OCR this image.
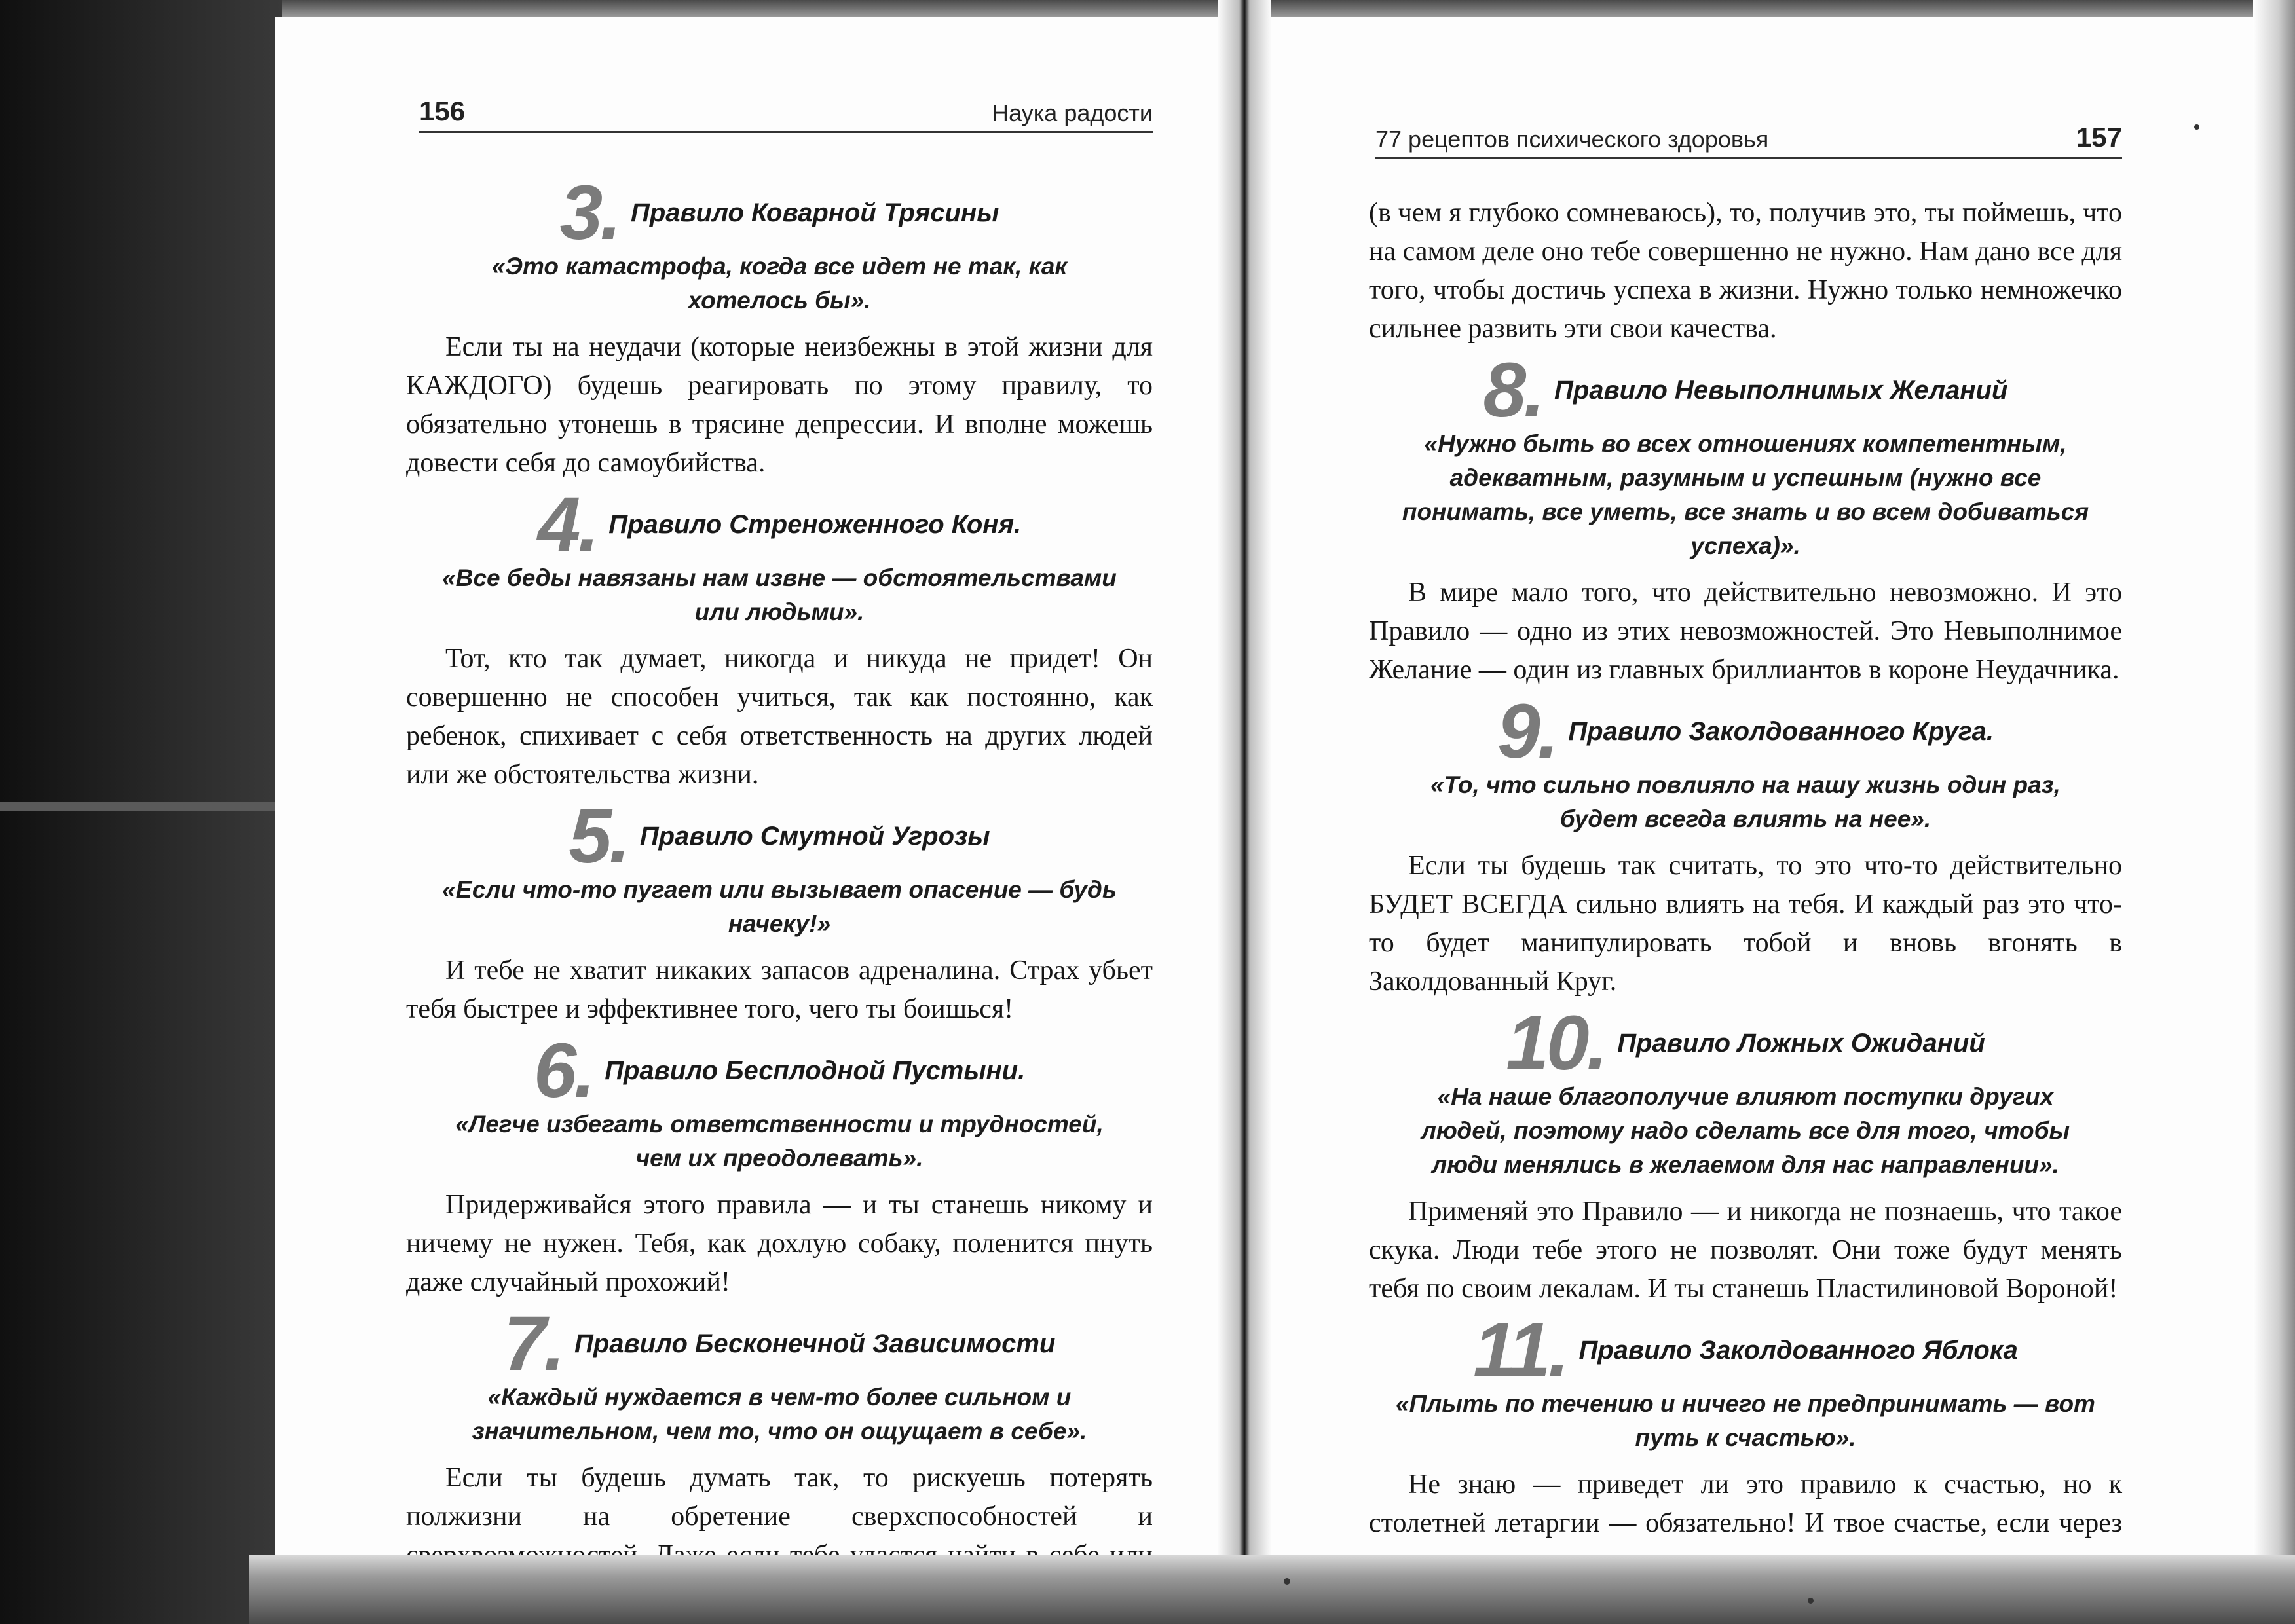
156	Наука радости
3. Правило Коварной Трясины
«Это катастрофа, когда все идет не так, как хотелось бы».

Если ты на неудачи (которые неизбежны в этой жизни для КАЖДОГО) будешь реагировать по этому правилу, то обязательно утонешь в трясине депрессии. И вполне можешь довести себя до самоубийства.

4. Правило Стреноженного Коня.
«Все беды навязаны нам извне — обстоятельствами или людьми».

Тот, кто так думает, никогда и никуда не придет! Он совершенно не способен учиться, так как постоянно, как ребенок, спихивает с себя ответственность на других людей или же обстоятельства жизни.

5. Правило Смутной Угрозы
«Если что-то пугает или вызывает опасение — будь начеку!»

И тебе не хватит никаких запасов адреналина. Страх убьет тебя быстрее и эффективнее того, чего ты боишься!

6. Правило Бесплодной Пустыни.
«Легче избегать ответственности и трудностей, чем их преодолевать».

Придерживайся этого правила — и ты станешь никому и ничему не нужен. Тебя, как дохлую собаку, поленится пнуть даже случайный прохожий!

7. Правило Бесконечной Зависимости
«Каждый нуждается в чем-то более сильном и значительном, чем то, что он ощущает в себе».

Если ты будешь думать так, то рискуешь потерять полжизни на обретение сверхспособностей и

77 рецептов психического здоровья	157

(в чем я глубоко сомневаюсь), то, получив это, ты поймешь, что на самом деле оно тебе совершенно не нужно. Нам дано все для того, чтобы достичь успеха в жизни. Нужно только немножечко сильнее развить эти свои качества.

8. Правило Невыполнимых Желаний
«Нужно быть во всех отношениях компетентным, адекватным, разумным и успешным (нужно все понимать, все уметь, все знать и во всем добиваться успеха)».

В мире мало того, что действительно невозможно. И это Правило — одно из этих невозможностей. Это Невыполнимое Желание — один из главных бриллиантов в короне Неудачника.

9. Правило Заколдованного Круга.
«То, что сильно повлияло на нашу жизнь один раз, будет всегда влиять на нее».

Если ты будешь так считать, то это что-то действительно БУДЕТ ВСЕГДА сильно влиять на тебя. И каждый раз это что-то будет манипулировать тобой и вновь вгонять в Заколдованный Круг.

10. Правило Ложных Ожиданий
«На наше благополучие влияют поступки других людей, поэтому надо сделать все для того, чтобы люди менялись в желаемом для нас направлении».

Применяй это Правило — и никогда не познаешь, что такое скука. Люди тебе этого не позволят. Они тоже будут менять тебя по своим лекалам. И ты станешь Пластилиновой Вороной!

11. Правило Заколдованного Яблока
«Плыть по течению и ничего не предпринимать — вот путь к счастью».

Не знаю — приведет ли это правило к счастью, но к столетней летаргии — обязательно! И твое счастье, если через
